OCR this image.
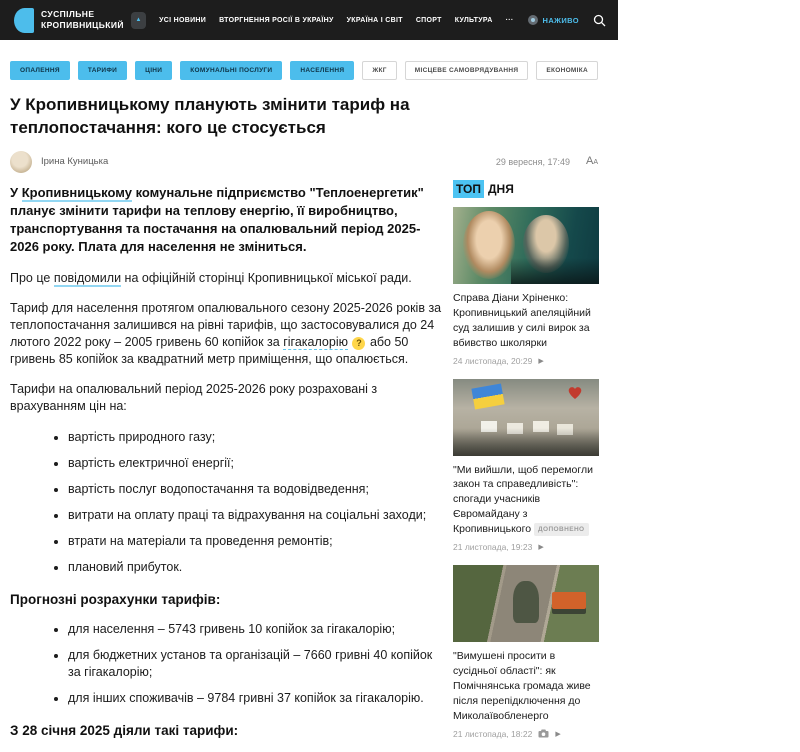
СУСПІЛЬНЕ
КРОПИВНИЦЬКИЙ	▲	УСІ НОВИНИ ВТОРГНЕННЯ РОСІЇ В УКРАЇНУ УКРАЇНА І СВІТ СПОРТ КУЛЬТУРА ···	НАЖИВО
ОПАЛЕННЯ	ТАРИФИ	ЦІНИ	КОМУНАЛЬНІ ПОСЛУГИ	НАСЕЛЕННЯ	ЖКГ	МІСЦЕВЕ САМОВРЯДУВАННЯ	ЕКОНОМІКА
У Кропивницькому планують змінити тариф на теплопостачання: кого це стосується
Ірина Куницька	29 вересня, 17:49 А А

У Кропивницькому комунальне підприємство "Теплоенергетик" планує змінити тарифи на теплову енергію, її виробництво, транспортування та постачання на опалювальний період 2025-2026 року. Плата для населення не зміниться.

Про це повідомили на офіційній сторінці Кропивницької міської ради.

Тариф для населення протягом опалювального сезону 2025-2026 років за теплопостачання залишився на рівні тарифів, що застосовувалися до 24 лютого 2022 року – 2005 гривень 60 копійок за гігакалорію ? або 50 гривень 85 копійок за квадратний метр приміщення, що опалюється.

Тарифи на опалювальний період 2025-2026 року розраховані з врахуванням цін на:

• вартість природного газу;
• вартість електричної енергії;
• вартість послуг водопостачання та водовідведення;
• витрати на оплату праці та відрахування на соціальні заходи;
• втрати на матеріали та проведення ремонтів;
• плановий прибуток.
Прогнозні розрахунки тарифів:
• для населення – 5743 гривень 10 копійок за гігакалорію;
• для бюджетних установ та організацій – 7660 гривні 40 копійок за гігакалорію;
• для інших споживачів – 9784 гривні 37 копійок за гігакалорію.
З 28 січня 2025 діяли такі тарифи:
ТОП ДНЯ
Справа Діани Хріненко: Кропивницький апеляційний суд залишив у силі вирок за вбивство школярки
24 листопада, 20:29 ▶
"Ми вийшли, щоб перемогли закон та справедливість": спогади учасників Євромайдану з Кропивницького ДОПОВНЕНО
21 листопада, 19:23 ▶
"Вимушені просити в сусідньої області": як Помічнянська громада живе після перепідключення до Миколаївобленерго
21 листопада, 18:22	▶
